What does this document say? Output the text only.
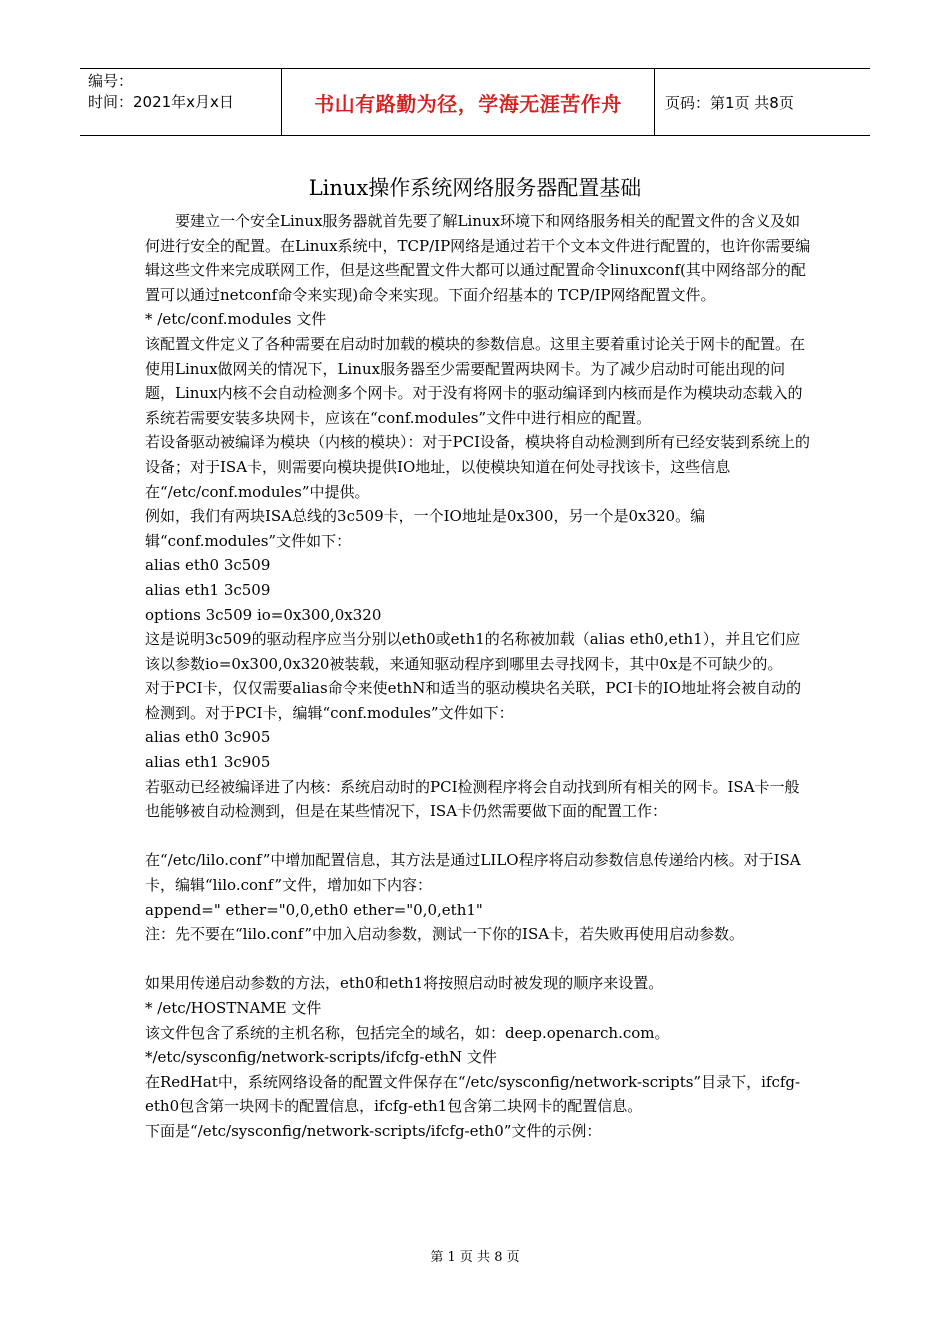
编号：
时间：2021年x月x日	书山有路勤为径，学海无涯苦作舟	页码：第1页 共8页
Linux操作系统网络服务器配置基础

要建立一个安全Linux服务器就首先要了解Linux环境下和网络服务相关的配置文件的含义及如何进行安全的配置。在Linux系统中，TCP/IP网络是通过若干个文本文件进行配置的，也许你需要编辑这些文件来完成联网工作，但是这些配置文件大都可以通过配置命令linuxconf(其中网络部分的配置可以通过netconf命令来实现)命令来实现。下面介绍基本的 TCP/IP网络配置文件。

* /etc/conf.modules 文件

该配置文件定义了各种需要在启动时加载的模块的参数信息。这里主要着重讨论关于网卡的配置。在使用Linux做网关的情况下，Linux服务器至少需要配置两块网卡。为了减少启动时可能出现的问题，Linux内核不会自动检测多个网卡。对于没有将网卡的驱动编译到内核而是作为模块动态载入的系统若需要安装多块网卡，应该在“conf.modules”文件中进行相应的配置。

若设备驱动被编译为模块（内核的模块）：对于PCI设备，模块将自动检测到所有已经安装到系统上的设备；对于ISA卡，则需要向模块提供IO地址，以使模块知道在何处寻找该卡，这些信息在“/etc/conf.modules”中提供。

例如，我们有两块ISA总线的3c509卡，一个IO地址是0x300，另一个是0x320。编辑“conf.modules”文件如下：

alias eth0 3c509

alias eth1 3c509

options 3c509 io=0x300,0x320

这是说明3c509的驱动程序应当分别以eth0或eth1的名称被加载（alias eth0,eth1），并且它们应该以参数io=0x300,0x320被装载，来通知驱动程序到哪里去寻找网卡，其中0x是不可缺少的。

对于PCI卡，仅仅需要alias命令来使ethN和适当的驱动模块名关联，PCI卡的IO地址将会被自动的检测到。对于PCI卡，编辑“conf.modules”文件如下：

alias eth0 3c905

alias eth1 3c905

若驱动已经被编译进了内核：系统启动时的PCI检测程序将会自动找到所有相关的网卡。ISA卡一般也能够被自动检测到，但是在某些情况下，ISA卡仍然需要做下面的配置工作：

在“/etc/lilo.conf”中增加配置信息，其方法是通过LILO程序将启动参数信息传递给内核。对于ISA卡，编辑“lilo.conf”文件，增加如下内容：

append=" ether="0,0,eth0 ether="0,0,eth1"

注：先不要在“lilo.conf”中加入启动参数，测试一下你的ISA卡，若失败再使用启动参数。

如果用传递启动参数的方法，eth0和eth1将按照启动时被发现的顺序来设置。

* /etc/HOSTNAME 文件

该文件包含了系统的主机名称，包括完全的域名，如：deep.openarch.com。

*/etc/sysconfig/network-scripts/ifcfg-ethN 文件

在RedHat中，系统网络设备的配置文件保存在“/etc/sysconfig/network-scripts”目录下，ifcfg-eth0包含第一块网卡的配置信息，ifcfg-eth1包含第二块网卡的配置信息。

下面是“/etc/sysconfig/network-scripts/ifcfg-eth0”文件的示例：

第 1 页 共 8 页
